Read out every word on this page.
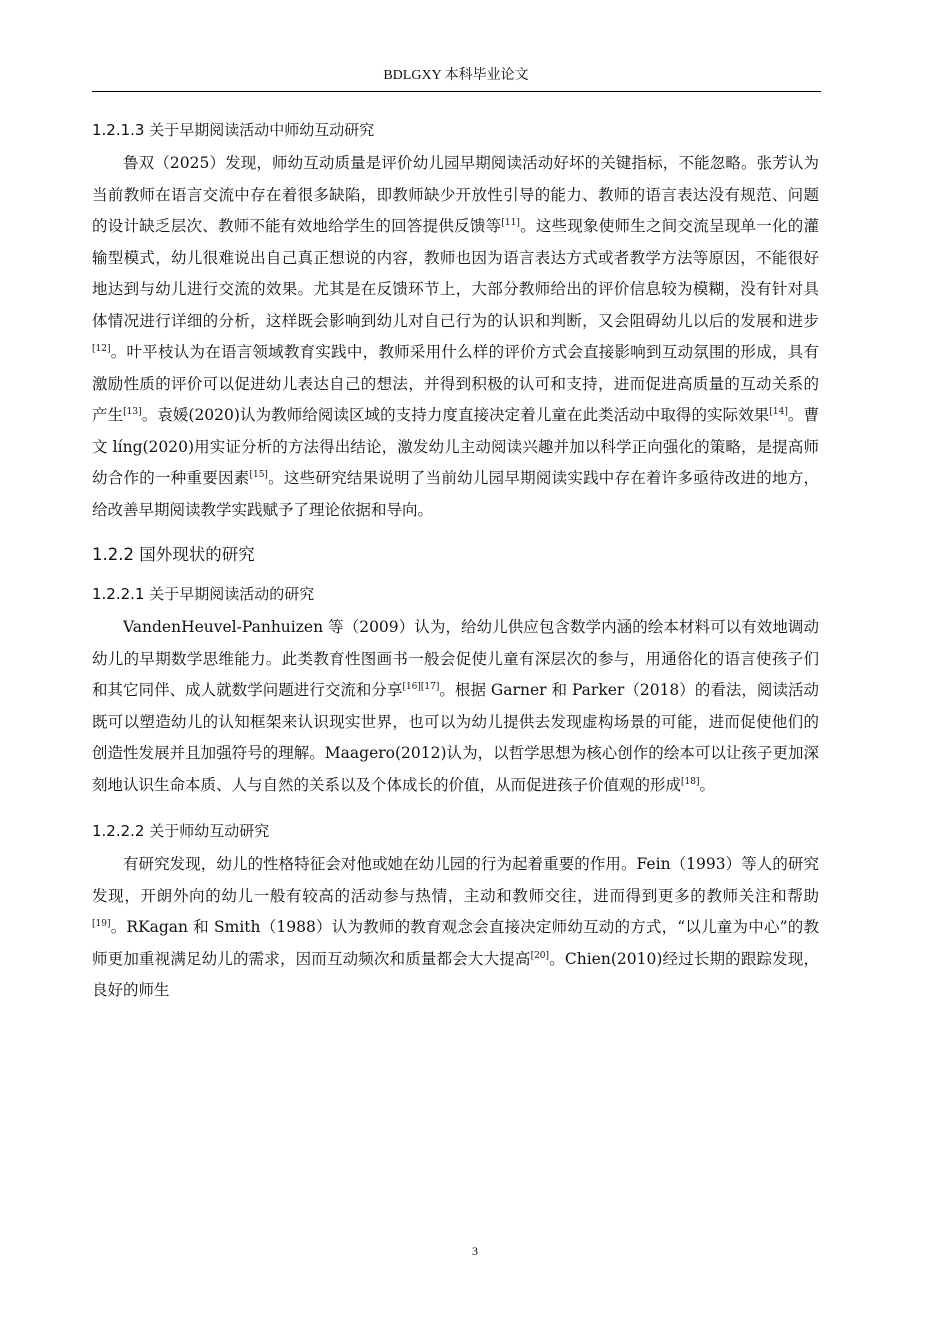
BDLGXY 本科毕业论文
1.2.1.3 关于早期阅读活动中师幼互动研究

鲁双（2025）发现，师幼互动质量是评价幼儿园早期阅读活动好坏的关键指标，不能忽略。张芳认为当前教师在语言交流中存在着很多缺陷，即教师缺少开放性引导的能力、教师的语言表达没有规范、问题的设计缺乏层次、教师不能有效地给学生的回答提供反馈等[11]。这些现象使师生之间交流呈现单一化的灌输型模式，幼儿很难说出自己真正想说的内容，教师也因为语言表达方式或者教学方法等原因，不能很好地达到与幼儿进行交流的效果。尤其是在反馈环节上，大部分教师给出的评价信息较为模糊，没有针对具体情况进行详细的分析，这样既会影响到幼儿对自己行为的认识和判断，又会阻碍幼儿以后的发展和进步[12]。叶平枝认为在语言领域教育实践中，教师采用什么样的评价方式会直接影响到互动氛围的形成，具有激励性质的评价可以促进幼儿表达自己的想法，并得到积极的认可和支持，进而促进高质量的互动关系的产生[13]。袁媛(2020)认为教师给阅读区域的支持力度直接决定着儿童在此类活动中取得的实际效果[14]。曹文 líng(2020)用实证分析的方法得出结论，激发幼儿主动阅读兴趣并加以科学正向强化的策略，是提高师幼合作的一种重要因素[15]。这些研究结果说明了当前幼儿园早期阅读实践中存在着许多亟待改进的地方，给改善早期阅读教学实践赋予了理论依据和导向。

1.2.2 国外现状的研究
1.2.2.1 关于早期阅读活动的研究

VandenHeuvel-Panhuizen 等（2009）认为，给幼儿供应包含数学内涵的绘本材料可以有效地调动幼儿的早期数学思维能力。此类教育性图画书一般会促使儿童有深层次的参与，用通俗化的语言使孩子们和其它同伴、成人就数学问题进行交流和分享[16][17]。根据 Garner 和 Parker（2018）的看法，阅读活动既可以塑造幼儿的认知框架来认识现实世界，也可以为幼儿提供去发现虚构场景的可能，进而促使他们的创造性发展并且加强符号的理解。Maagero(2012)认为，以哲学思想为核心创作的绘本可以让孩子更加深刻地认识生命本质、人与自然的关系以及个体成长的价值，从而促进孩子价值观的形成[18]。

1.2.2.2 关于师幼互动研究

有研究发现，幼儿的性格特征会对他或她在幼儿园的行为起着重要的作用。Fein（1993）等人的研究发现，开朗外向的幼儿一般有较高的活动参与热情，主动和教师交往，进而得到更多的教师关注和帮助[19]。RKagan 和 Smith（1988）认为教师的教育观念会直接决定师幼互动的方式，“以儿童为中心”的教师更加重视满足幼儿的需求，因而互动频次和质量都会大大提高[20]。Chien(2010)经过长期的跟踪发现，良好的师生

3
